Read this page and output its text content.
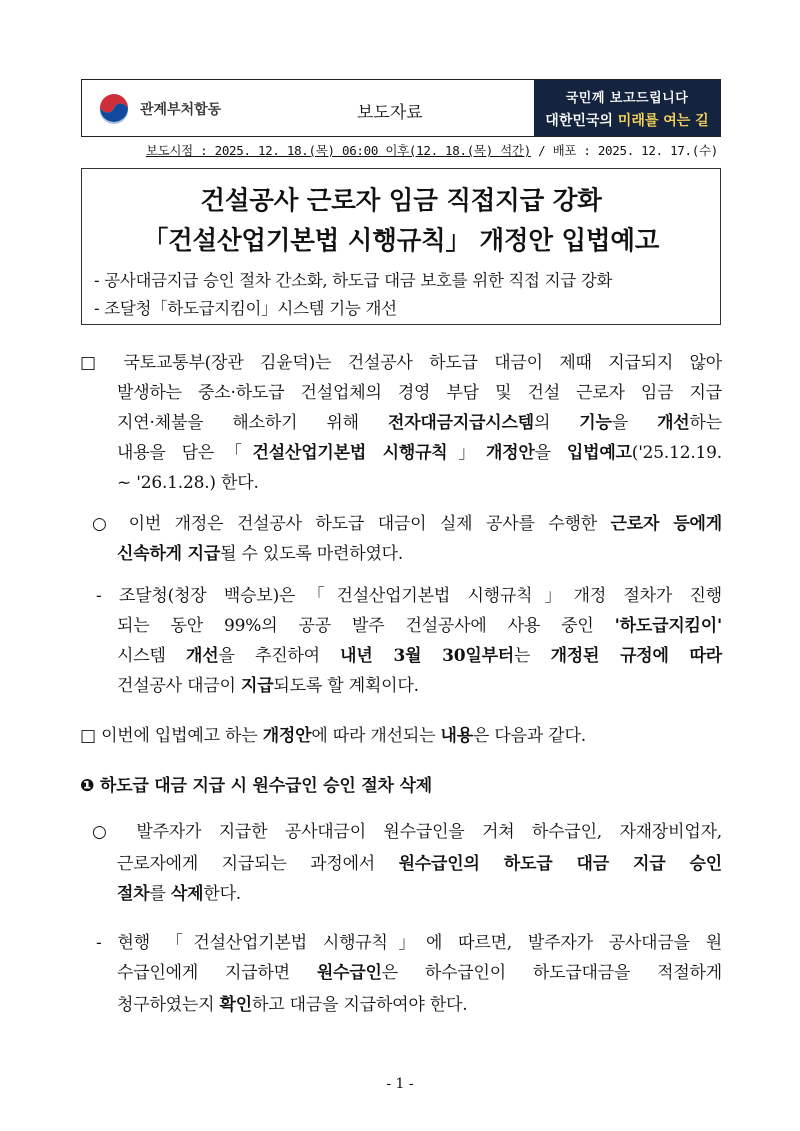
관계부처합동	보도자료
국민께 보고드립니다
대한민국의 미래를 여는 길
보도시점 : 2025. 12. 18.(목) 06:00 이후(12. 18.(목) 석간) / 배포 : 2025. 12. 17.(수)
건설공사 근로자 임금 직접지급 강화
「건설산업기본법 시행규칙」 개정안 입법예고
- 공사대금지급 승인 절차 간소화, 하도급 대금 보호를 위한 직접 지급 강화
- 조달청「하도급지킴이」시스템 기능 개선
□ 국토교통부(장관 김윤덕)는 건설공사 하도급 대금이 제때 지급되지 않아
발생하는 중소·하도급 건설업체의 경영 부담 및 건설 근로자 임금 지급
지연·체불을 해소하기 위해 전자대금지급시스템의 기능을 개선하는
내용을 담은「건설산업기본법 시행규칙」개정안을 입법예고('25.12.19.
~ '26.1.28.) 한다.
○ 이번 개정은 건설공사 하도급 대금이 실제 공사를 수행한 근로자 등에게
신속하게 지급될 수 있도록 마련하였다.
- 조달청(청장 백승보)은「건설산업기본법 시행규칙」개정 절차가 진행
되는 동안 99%의 공공 발주 건설공사에 사용 중인 '하도급지킴이'
시스템 개선을 추진하여 내년 3월 30일부터는 개정된 규정에 따라
건설공사 대금이 지급되도록 할 계획이다.
□ 이번에 입법예고 하는 개정안에 따라 개선되는 내용은 다음과 같다.
❶ 하도급 대금 지급 시 원수급인 승인 절차 삭제
○ 발주자가 지급한 공사대금이 원수급인을 거쳐 하수급인, 자재장비업자,
근로자에게 지급되는 과정에서 원수급인의 하도급 대금 지급 승인
절차를 삭제한다.
- 현행 「건설산업기본법 시행규칙」에 따르면, 발주자가 공사대금을 원
수급인에게 지급하면 원수급인은 하수급인이 하도급대금을 적절하게
청구하였는지 확인하고 대금을 지급하여야 한다.
- 1 -
